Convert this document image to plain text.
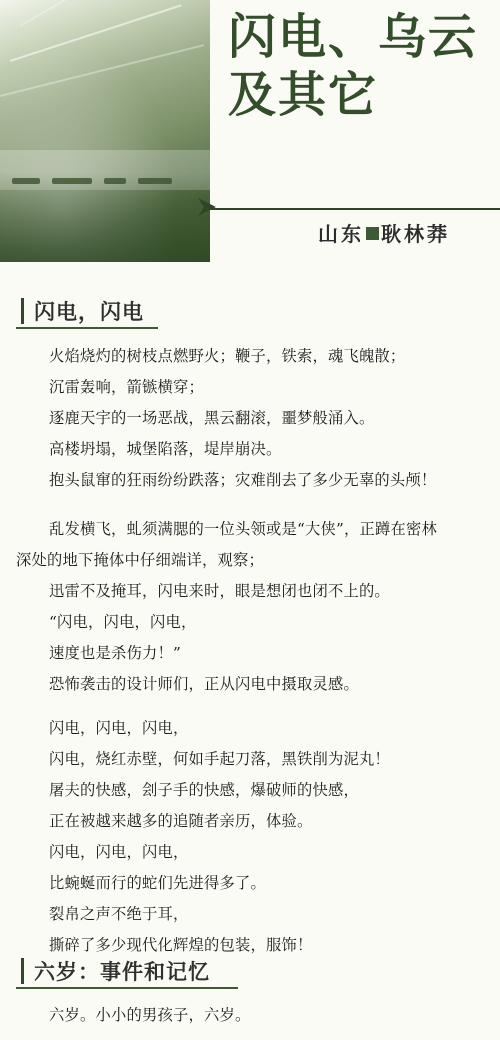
闪电、乌云
及其它
山东 耿林莽
闪电，闪电
火焰烧灼的树枝点燃野火；鞭子，铁索，魂飞魄散；
沉雷轰响，箭镞横穿；
逐鹿天宇的一场恶战，黑云翻滚，噩梦般涌入。
高楼坍塌，城堡陷落，堤岸崩决。
抱头鼠窜的狂雨纷纷跌落；灾难削去了多少无辜的头颅！
乱发横飞，虬须满腮的一位头领或是“大侠”，正蹲在密林
深处的地下掩体中仔细端详，观察；
迅雷不及掩耳，闪电来时，眼是想闭也闭不上的。
“闪电，闪电，闪电，
速度也是杀伤力！”
恐怖袭击的设计师们，正从闪电中摄取灵感。
闪电，闪电，闪电，
闪电，烧红赤壁，何如手起刀落，黑铁削为泥丸！
屠夫的快感，刽子手的快感，爆破师的快感，
正在被越来越多的追随者亲历，体验。
闪电，闪电，闪电，
比蜿蜒而行的蛇们先进得多了。
裂帛之声不绝于耳，
撕碎了多少现代化辉煌的包装，服饰！
六岁：事件和记忆
六岁。小小的男孩子，六岁。
